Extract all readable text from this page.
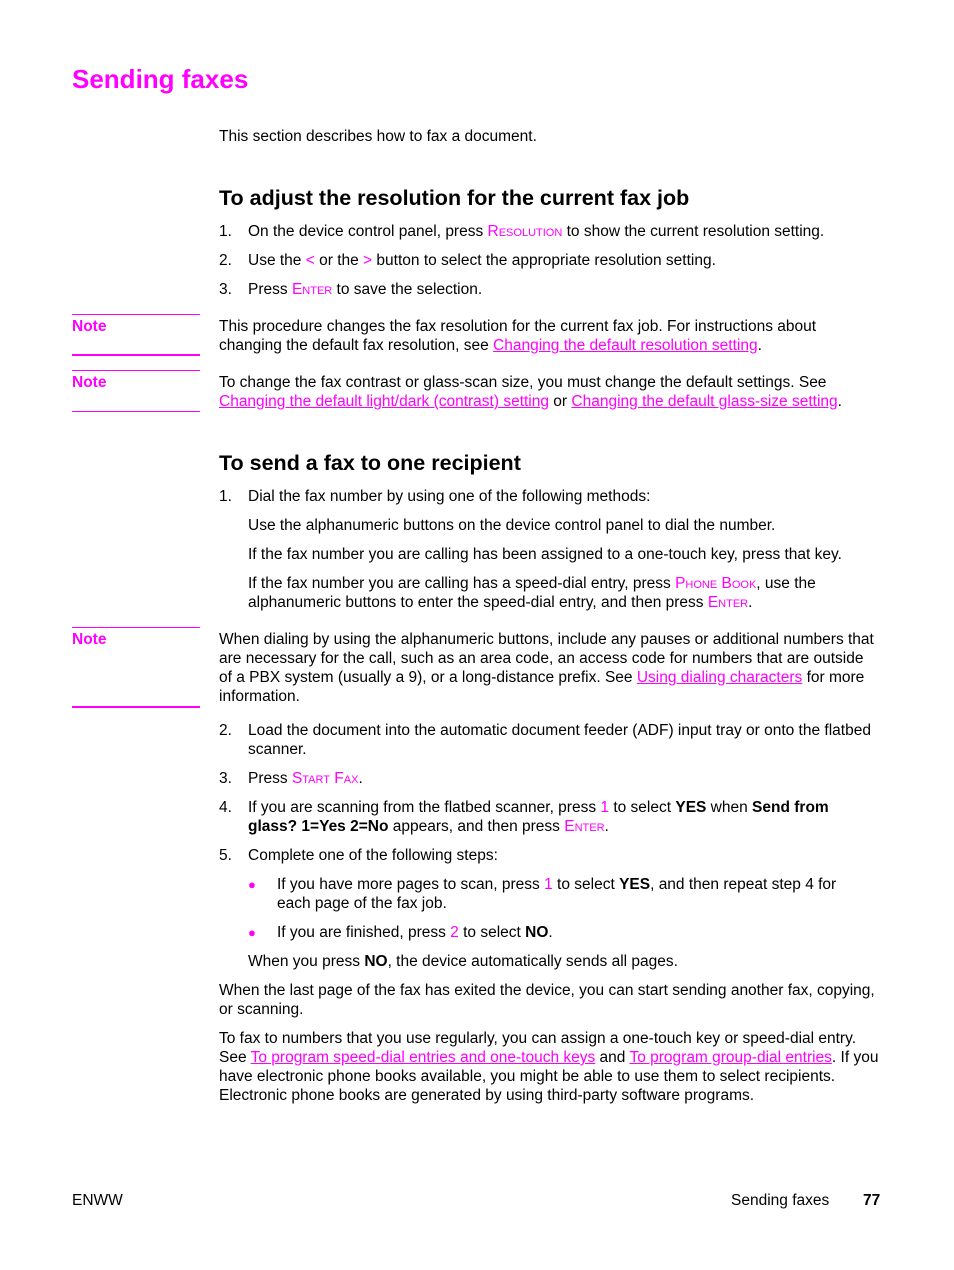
Sending faxes
This section describes how to fax a document.
To adjust the resolution for the current fax job
1. On the device control panel, press Resolution to show the current resolution setting.
2. Use the < or the > button to select the appropriate resolution setting.
3. Press Enter to save the selection.
Note	This procedure changes the fax resolution for the current fax job. For instructions about changing the default fax resolution, see Changing the default resolution setting.
Note	To change the fax contrast or glass-scan size, you must change the default settings. See Changing the default light/dark (contrast) setting or Changing the default glass-size setting.
To send a fax to one recipient
1. Dial the fax number by using one of the following methods:
Use the alphanumeric buttons on the device control panel to dial the number.
If the fax number you are calling has been assigned to a one-touch key, press that key.
If the fax number you are calling has a speed-dial entry, press Phone Book, use the alphanumeric buttons to enter the speed-dial entry, and then press Enter.
Note	When dialing by using the alphanumeric buttons, include any pauses or additional numbers that are necessary for the call, such as an area code, an access code for numbers that are outside of a PBX system (usually a 9), or a long-distance prefix. See Using dialing characters for more information.
2. Load the document into the automatic document feeder (ADF) input tray or onto the flatbed scanner.
3. Press Start Fax.
4. If you are scanning from the flatbed scanner, press 1 to select YES when Send from glass? 1=Yes 2=No appears, and then press Enter.
5. Complete one of the following steps:
● If you have more pages to scan, press 1 to select YES, and then repeat step 4 for each page of the fax job.
● If you are finished, press 2 to select NO.
When you press NO, the device automatically sends all pages.
When the last page of the fax has exited the device, you can start sending another fax, copying, or scanning.
To fax to numbers that you use regularly, you can assign a one-touch key or speed-dial entry. See To program speed-dial entries and one-touch keys and To program group-dial entries. If you have electronic phone books available, you might be able to use them to select recipients. Electronic phone books are generated by using third-party software programs.
ENWW	Sending faxes 77
